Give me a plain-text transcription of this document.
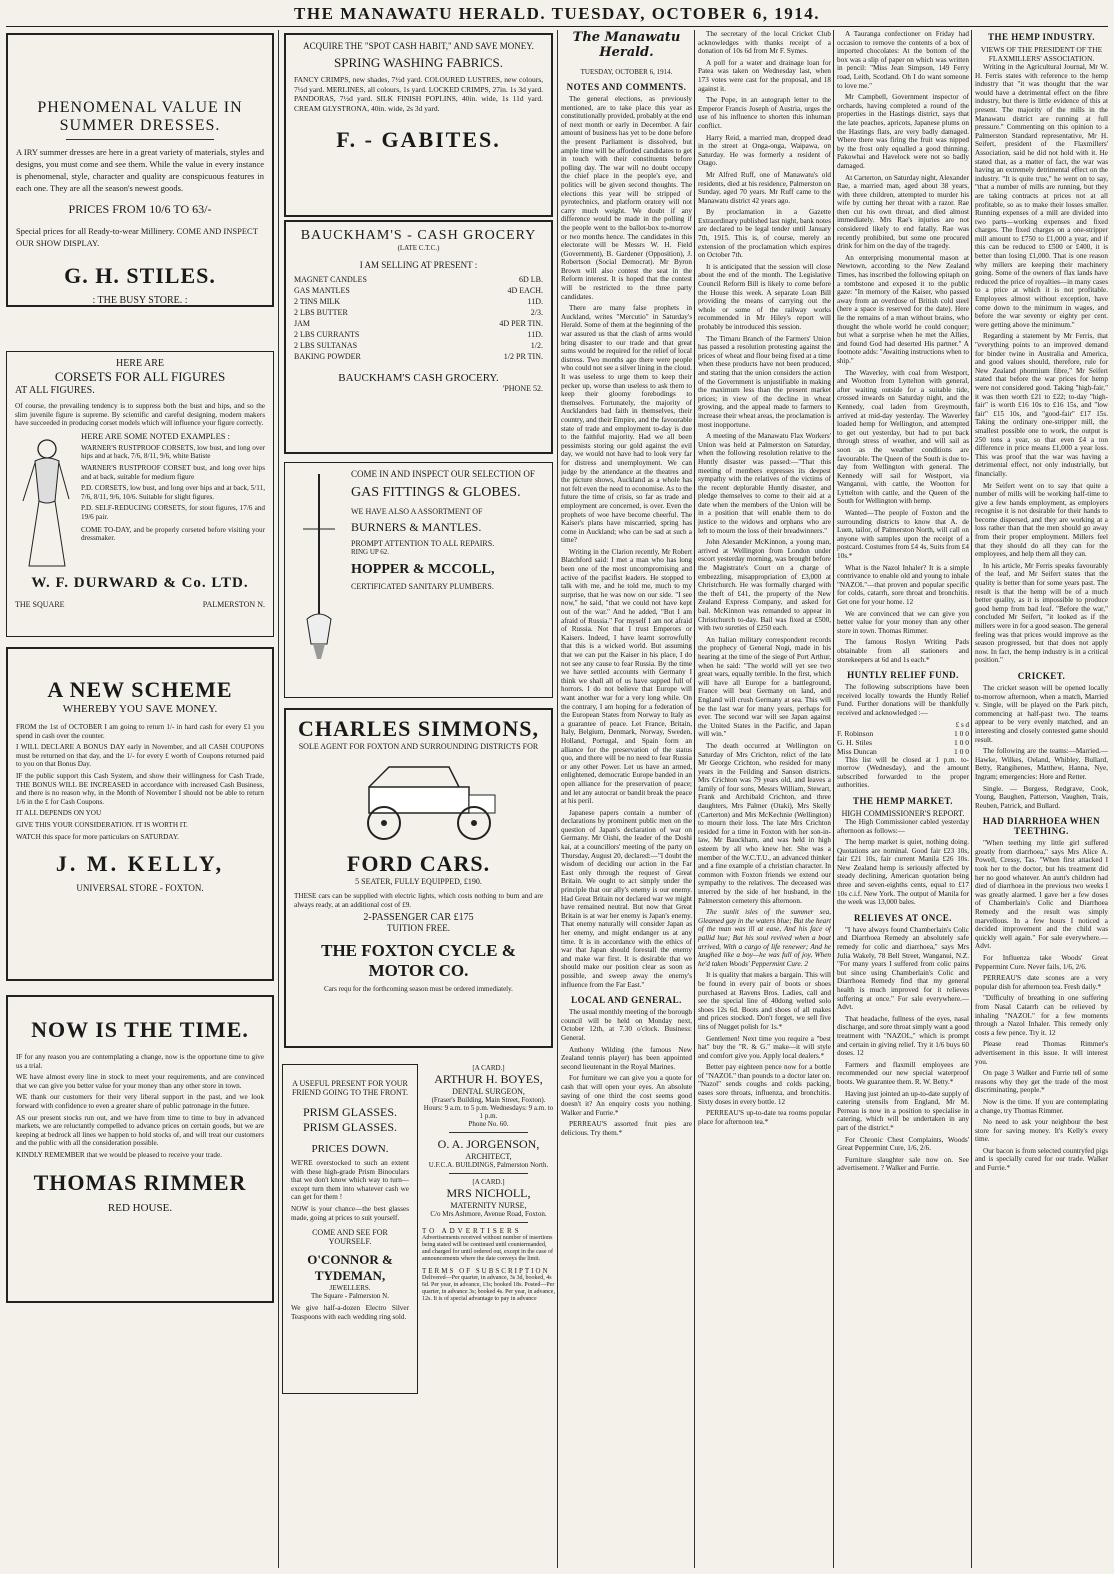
THE MANAWATU HERALD. TUESDAY, OCTOBER 6, 1914.
PHENOMENAL VALUE IN
SUMMER DRESSES.
A IRY summer dresses are here in a great variety of materials, styles and designs, you must come and see them. While the value in every instance is phenomenal, style, character and quality are conspicuous features in each one. They are all the season's newest goods.
PRICES FROM 10/6 TO 63/-
Special prices for all Ready-to-wear Millinery. COME AND INSPECT OUR SHOW DISPLAY.
G. H. STILES.
: THE BUSY STORE. :
HERE ARE
CORSETS FOR ALL FIGURES
AT ALL FIGURES.
Of course, the prevailing tendency is to suppress both the bust and hips, and so the slim juvenile figure is supreme. By scientific and careful designing, modern makers have succeeded in producing corset models which will influence your figure correctly.
HERE ARE SOME NOTED EXAMPLES :
WARNER'S RUSTPROOF CORSETS, low bust, and long over hips and at back, 7/6, 8/11, 9/6, white Batiste
WARNER'S RUSTPROOF CORSET bust, and long over hips and at back, suitable for medium figure
P.D. CORSETS, low bust, and long over hips and at back, 5/11, 7/6, 8/11, 9/6, 10/6. Suitable for slight figures.
P.D. SELF-REDUCING CORSETS, for stout figures, 17/6 and 19/6 pair.
COME TO-DAY, and be properly corseted before visiting your dressmaker.
W. F. DURWARD & Co. LTD.
THE SQUARE	PALMERSTON N.
A NEW SCHEME
WHEREBY YOU SAVE MONEY.
FROM the 1st of OCTOBER I am going to return 1/- in hard cash for every £1 you spend in cash over the counter.
I WILL DECLARE A BONUS DAY early in November, and all CASH COUPONS must be returned on that day, and the 1/- for every £ worth of Coupons returned paid to you on that Bonus Day.
IF the public support this Cash System, and show their willingness for Cash Trade, THE BONUS WILL BE INCREASED in accordance with increased Cash Business, and there is no reason why, in the Month of November I should not be able to return 1/6 in the £ for Cash Coupons.
IT ALL DEPENDS ON YOU
GIVE THIS YOUR CONSIDERATION. IT IS WORTH IT.
WATCH this space for more particulars on SATURDAY.
J. M. KELLY,
UNIVERSAL STORE - FOXTON.
NOW IS THE TIME.
IF for any reason you are contemplating a change, now is the opportune time to give us a trial.
WE have almost every line in stock to meet your requirements, and are convinced that we can give you better value for your money than any other store in town.
WE thank our customers for their very liberal support in the past, and we look forward with confidence to even a greater share of public patronage in the future.
AS our present stocks run out, and we have from time to time to buy in advanced markets, we are reluctantly compelled to advance prices on certain goods, but we are keeping at bedrock all lines we happen to hold stocks of, and will treat our customers and the public with all the consideration possible.
KINDLY REMEMBER that we would be pleased to receive your trade.
THOMAS RIMMER
RED HOUSE.
ACQUIRE THE "SPOT CASH HABIT," AND SAVE MONEY.
SPRING WASHING FABRICS.
FANCY CRIMPS, new shades, 7½d yard. COLOURED LUSTRES, new colours, 7½d yard. MERLINES, all colours, 1s yard. LOCKED CRIMPS, 27in. 1s 3d yard. PANDORAS, 7½d yard. SILK FINISH POPLINS, 40in. wide, 1s 11d yard. CREAM GLYSTRONA, 40in. wide, 2s 3d yard.
F. - GABITES.
BAUCKHAM'S - CASH GROCERY
(LATE C.T.C.)
I AM SELLING AT PRESENT :
MAGNET CANDLES	6D LB.
GAS MANTLES	4D EACH.
2 TINS MILK	11D.
2 LBS BUTTER	2/3.
JAM	4D PER TIN.
2 LBS CURRANTS	11D.
2 LBS SULTANAS	1/2.
BAKING POWDER	1/2 PR TIN.
BAUCKHAM'S CASH GROCERY.
'PHONE 52.
COME IN AND INSPECT OUR SELECTION OF
GAS FITTINGS & GLOBES.
WE HAVE ALSO A ASSORTMENT OF
BURNERS & MANTLES.
PROMPT ATTENTION TO ALL REPAIRS.
RING UP 62.
HOPPER & MCCOLL,
CERTIFICATED SANITARY PLUMBERS.
CHARLES SIMMONS,
SOLE AGENT FOR FOXTON AND SURROUNDING DISTRICTS FOR
FORD CARS.
5 SEATER, FULLY EQUIPPED, £190.
THESE cars can be supplied with electric lights, which costs nothing to burn and are always ready, at an additional cost of £9.
2-PASSENGER CAR £175
TUITION FREE.
THE FOXTON CYCLE & MOTOR CO.
Cars requ for the forthcoming season must be ordered immediately.
A USEFUL PRESENT FOR YOUR FRIEND GOING TO THE FRONT.
PRISM GLASSES.
PRISM GLASSES.
PRICES DOWN.
WE'RE overstocked to such an extent with these high-grade Prism Binoculars that we don't know which way to turn—except turn them into whatever cash we can get for them !
NOW is your chance—the best glasses made, going at prices to suit yourself.
COME AND SEE FOR YOURSELF.
O'CONNOR & TYDEMAN,
JEWELLERS.
The Square - Palmerston N.
We give half-a-dozen Electro Silver Teaspoons with each wedding ring sold.
[A CARD.]
ARTHUR H. BOYES,
DENTAL SURGEON,
(Fraser's Building, Main Street, Foxton).
Hours: 9 a.m. to 5 p.m. Wednesdays: 9 a.m. to 1 p.m.
Phone No. 60.
O. A. JORGENSON,
ARCHITECT,
U.F.C.A. BUILDINGS, Palmerston North.
[A CARD.]
MRS NICHOLL,
MATERNITY NURSE,
C/o Mrs Ashmore, Avenue Road, Foxton.
TO ADVERTISERS
Advertisements received without number of insertions being stated will be continued until countermanded, and charged for until ordered out, except in the case of announcements where the date conveys the limit.
TERMS OF SUBSCRIPTION
Delivered—Per quarter, in advance, 3s 3d, booked, 4s 6d. Per year, in advance, 13s; booked 18s. Posted—Per quarter, in advance 3s; booked 4s. Per year, in advance, 12s. It is of special advantage to pay in advance
The Manawatu Herald.
TUESDAY, OCTOBER 6, 1914.
NOTES AND COMMENTS.

The general elections, as previously mentioned, are to take place this year as constitutionally provided, probably at the end of next month or early in December. A fair amount of business has yet to be done before the present Parliament is dissolved, but ample time will be afforded candidates to get in touch with their constituents before polling day. The war will no doubt occupy the chief place in the people's eye, and politics will be given second thoughts. The elections this year will be stripped of pyrotechnics, and platform oratory will not carry much weight. We doubt if any difference would be made in the polling if the people went to the ballot-box to-morrow or two months hence. The candidates in this electorate will be Messrs W. H. Field (Government), B. Gardener (Opposition), J. Robertson (Social Democrat). Mr Byron Brown will also contest the seat in the Reform interest. It is hoped that the contest will be restricted to the three party candidates.

There are many false prophets in Auckland, writes "Mercutio" in Saturday's Herald. Some of them at the beginning of the war assured us that the clash of arms would bring disaster to our trade and that great sums would be required for the relief of local distress. Two months ago there were people who could not see a silver lining in the cloud. It was useless to urge them to keep their pecker up, worse than useless to ask them to keep their gloomy forebodings to themselves. Fortunately, the majority of Aucklanders had faith in themselves, their country, and their Empire, and the favourable state of trade and employment to-day is due to the faithful majority. Had we all been pessimists storing our gold against the evil day, we would not have had to look very far for distress and unemployment. We can judge by the attendance at the theatres and the picture shows, Auckland as a whole has not felt even the need to economise. As to the future the time of crisis, so far as trade and employment are concerned, is over. Even the prophets of woe have become cheerful. The Kaiser's plans have miscarried, spring has come in Auckland; who can be sad at such a time?

Writing in the Clarion recently, Mr Robert Blatchford said: I met a man who has long been one of the most uncompromising and active of the pacifist leaders. He stopped to talk with me, and he told me, much to my surprise, that he was now on our side. "I see now," he said, "that we could not have kept out of the war." And he added, "But I am afraid of Russia." For myself I am not afraid of Russia. Not that I trust Emperors or Kaisers. Indeed, I have learnt sorrowfully that this is a wicked world. But assuming that we can put the Kaiser in his place, I do not see any cause to fear Russia. By the time we have settled accounts with Germany I think we shall all of us have supped full of horrors. I do not believe that Europe will want another war for a very long while. On the contrary, I am hoping for a federation of the European States from Norway to Italy as a guarantee of peace. Let France, Britain, Italy, Belgium, Denmark, Norway, Sweden, Holland, Portugal, and Spain form an alliance for the preservation of the status quo, and there will be no need to fear Russia or any other Power. Let us have an armed, enlightened, democratic Europe banded in an open alliance for the preservation of peace; and let any autocrat or bandit break the peace at his peril.

Japanese papers contain a number of declarations by prominent public men on the question of Japan's declaration of war on Germany. Mr Oishi, the leader of the Doshi kai, at a councillors' meeting of the party on Thursday, August 20, declared:—"I doubt the wisdom of deciding our action in the Far East only through the request of Great Britain. We ought to act simply under the principle that our ally's enemy is our enemy. Had Great Britain not declared war we might have remained neutral. But now that Great Britain is at war her enemy is Japan's enemy. That enemy naturally will consider Japan as her enemy, and might endanger us at any time. It is in accordance with the ethics of war that Japan should forestall the enemy and make war first. It is desirable that we should make our position clear as soon as possible, and sweep away the enemy's influence from the Far East."

LOCAL AND GENERAL.

The usual monthly meeting of the borough council will be held on Monday next, October 12th, at 7.30 o'clock. Business: General.

Anthony Wilding (the famous New Zealand tennis player) has been appointed second lieutenant in the Royal Marines.

For furniture we can give you a quote for cash that will open your eyes. An absolute saving of one third the cost seems good doesn't it? An enquiry costs you nothing. Walker and Furrie.*

PERREAU'S assorted fruit pies are delicious. Try them.*

The secretary of the local Cricket Club acknowledges with thanks receipt of a donation of 10s 6d from Mr F. Symes.

A poll for a water and drainage loan for Patea was taken on Wednesday last, when 173 votes were cast for the proposal, and 18 against it.

The Pope, in an autograph letter to the Emperor Francis Joseph of Austria, urges the use of his influence to shorten this inhuman conflict.

Harry Reid, a married man, dropped dead in the street at Onga-onga, Waipawa, on Saturday. He was formerly a resident of Otago.

Mr Alfred Ruff, one of Manawatu's old residents, died at his residence, Palmerston on Sunday, aged 70 years. Mr Ruff came to the Manawatu district 42 years ago.

By proclamation in a Gazette Extraordinary published last night, bank notes are declared to be legal tender until January 7th, 1915. This is, of course, merely an extension of the proclamation which expires on October 7th.

It is anticipated that the session will close about the end of the month. The Legislative Council Reform Bill is likely to come before the House this week. A separate Loan Bill providing the means of carrying out the whole or some of the railway works recommended in Mr Hiley's report will probably be introduced this session.

The Timaru Branch of the Farmers' Union has passed a resolution protesting against the prices of wheat and flour being fixed at a time when these products have not been produced, and stating that the union considers the action of the Government is unjustifiable in making the maximum less than the present market prices; in view of the decline in wheat growing, and the appeal made to farmers to increase their wheat areas, the proclamation is most inopportune.

A meeting of the Manawatu Flax Workers' Union was held at Palmerston on Saturday, when the following resolution relative to the Huntly disaster was passed:—"That this meeting of members expresses its deepest sympathy with the relatives of the victims of the recent deplorable Huntly disaster, and pledge themselves to come to their aid at a date when the members of the Union will be in a position that will enable them to do justice to the widows and orphans who are left to mourn the loss of their breadwinners."

John Alexander McKinnon, a young man, arrived at Wellington from London under escort yesterday morning, was brought before the Magistrate's Court on a charge of embezzling, misappropriation of £3,000 at Christchurch. He was formally charged with the theft of £41, the property of the New Zealand Express Company, and asked for bail. McKinnon was remanded to appear in Christchurch to-day. Bail was fixed at £500, with two sureties of £250 each.

An Italian military correspondent records the prophecy of General Nogi, made in his hearing at the time of the siege of Port Arthur, when he said: "The world will yet see two great wars, equally terrible. In the first, which will have all Europe for a battleground, France will beat Germany on land, and England will crush Germany at sea. This will be the last war for many years, perhaps for ever. The second war will see Japan against the United States in the Pacific, and Japan will win."

The death occurred at Wellington on Saturday of Mrs Crichton, relict of the late Mr George Crichton, who resided for many years in the Feilding and Sanson districts. Mrs Crichton was 79 years old, and leaves a family of four sons, Messrs William, Stewart, Frank and Archibald Crichton, and three daughters, Mrs Palmer (Otaki), Mrs Skelly (Carterton) and Mrs McKechnie (Wellington) to mourn their loss. The late Mrs Crichton resided for a time in Foxton with her son-in-law, Mr Bauckham, and was held in high esteem by all who knew her. She was a member of the W.C.T.U., an advanced thinker and a fine example of a christian character. In common with Foxton friends we extend our sympathy to the relatives. The deceased was interred by the side of her husband, in the Palmerston cemetery this afternoon.

The sunlit isles of the summer sea, Gleamed gay in the waters blue; But the heart of the man was ill at ease, And his face of pallid hue; But his soul revived when a boat arrived, With a cargo of life renewer; And he laughed like a boy—he was full of joy, When he'd taken Woods' Peppermint Cure. 2

It is quality that makes a bargain. This will be found in every pair of boots or shoes purchased at Ravens Bros. Ladies, call and see the special line of 40dong welted solo shoes 12s 6d. Boots and shoes of all makes and prices stocked. Don't forget, we sell five tins of Nugget polish for 1s.*

Gentlemen! Next time you require a "best hat" buy the "R. & G." make—it will style and comfort give you. Apply local dealers.*

Better pay eighteen pence now for a bottle of "NAZOL" than pounds to a doctor later on. "Nazol" sends coughs and colds packing, eases sore throats, influenza, and bronchitis. Sixty doses in every bottle. 12

PERREAU'S up-to-date tea rooms popular place for afternoon tea.*

A Tauranga confectioner on Friday had occasion to remove the contents of a box of imported chocolates: At the bottom of the box was a slip of paper on which was written in pencil: "Miss Jean Simpson, 149 Ferry road, Leith, Scotland. Oh I do want someone to love me."

Mr Campbell, Government inspector of orchards, having completed a round of the properties in the Hastings district, says that the late peaches, apricots, Japanese plums on the Hastings flats, are very badly damaged. Where there was firing the fruit was nipped by the frost only equalled a good thinning. Pakowhai and Havelock were not so badly damaged.

At Carterton, on Saturday night, Alexander Rae, a married man, aged about 38 years, with three children, attempted to murder his wife by cutting her throat with a razor. Rae then cut his own throat, and died almost immediately. Mrs Rae's injuries are not considered likely to end fatally. Rae was recently prohibited, but some one procured drink for him on the day of the tragedy.

An enterprising monumental mason at Newtown, according to the New Zealand Times, has inscribed the following epitaph on a tombstone and exposed it to the public gaze: "In memory of the Kaiser, who passed away from an overdose of British cold steel (here a space is reserved for the date). Here lie the remains of a man without brains, who thought the whole world he could conquer; but what a surprise when he met the Allies, and found God had deserted His partner." A footnote adds: "Awaiting instructions when to ship."

The Waverley, with coal from Westport, and Wootton from Lyttelton with general, after waiting outside for a suitable tide, crossed inwards on Saturday night, and the Kennedy, coal laden from Greymouth, arrived at mid-day yesterday. The Waverley loaded hemp for Wellington, and attempted to get out yesterday, but had to put back through stress of weather, and will sail as soon as the weather conditions are favourable. The Queen of the South is due to-day from Wellington with general. The Kennedy will sail for Westport, via Wanganui, with cattle, the Wootton for Lyttelton with cattle, and the Queen of the South for Wellington with hemp.

Wanted—The people of Foxton and the surrounding districts to know that A. de Luen, tailor, of Palmerston North, will call on anyone with samples upon the receipt of a postcard. Costumes from £4 4s, Suits from £4 10s.*

What is the Nazol Inhaler? It is a simple contrivance to enable old and young to inhale "NAZOL"—that proven and popular specific for colds, catarrh, sore throat and bronchitis. Get one for your home. 12

We are convinced that we can give you better value for your money than any other store in town. Thomas Rimmer.

The famous Roslyn Writing Pads obtainable from all stationers and storekeepers at 6d and 1s each.*

HUNTLY RELIEF FUND.

The following subscriptions have been received locally towards the Huntly Relief Fund. Further donations will be thankfully received and acknowledged :—

£ s d
F. Robinson	1 0 0
G. H. Stiles	1 0 0
Miss Duncan	1 0 0

This list will be closed at 1 p.m. to-morrow (Wednesday), and the amount subscribed forwarded to the proper authorities.

THE HEMP MARKET.
HIGH COMMISSIONER'S REPORT.

The High Commissioner cabled yesterday afternoon as follows:—

The hemp market is quiet, nothing doing. Quotations are nominal. Good fair £23 10s, fair £21 10s, fair current Manila £26 10s. New Zealand hemp is seriously affected by steady declining, American quotation being three and seven-eighths cents, equal to £17 10s c.i.f. New York. The output of Manila for the week was 13,000 bales.

RELIEVES AT ONCE.

"I have always found Chamberlain's Colic and Diarrhoea Remedy an absolutely safe remedy for colic and diarrhoea," says Mrs Julia Wakely, 78 Bell Street, Wanganui, N.Z. "For many years I suffered from colic pains but since using Chamberlain's Colic and Diarrhoea Remedy find that my general health is much improved for it relieves suffering at once." For sale everywhere.—Advt.

That headache, fullness of the eyes, nasal discharge, and sore throat simply want a good treatment with "NAZOL," which is prompt and certain in giving relief. Try it 1/6 buys 60 doses. 12

Farmers and flaxmill employees are recommended our new special waterproof boots. We guarantee them. R. W. Betty.*

Having just jointed an up-to-date supply of catering utensils from England, Mr M. Perreau is now in a position to specialise in catering, which will be undertaken in any part of the district.*

For Chronic Chest Complaints, Woods' Great Peppermint Cure, 1/6, 2/6.

Furniture slaughter sale now on. See advertisement. ? Walker and Furrie.

THE HEMP INDUSTRY.
VIEWS OF THE PRESIDENT OF THE FLAXMILLERS' ASSOCIATION.

Writing in the Agricultural Journal, Mr W. H. Ferris states with reference to the hemp industry that "it was thought that the war would have a detrimental effect on the fibre industry, but there is little evidence of this at present. The majority of the mills in the Manawatu district are running at full pressure." Commenting on this opinion to a Palmerston Standard representative, Mr H. Seifert, president of the Flaxmillers' Association, said he did not hold with it. He stated that, as a matter of fact, the war was having an extremely detrimental effect on the industry. "It is quite true," he went on to say, "that a number of mills are running, but they are taking contracts at prices not at all profitable, so as to make their losses smaller. Running expenses of a mill are divided into two parts—working expenses and fixed charges. The fixed charges on a one-stripper mill amount to £750 to £1,000 a year, and if this can be reduced to £500 or £400, it is better than losing £1,000. That is one reason why millers are keeping their machinery going. Some of the owners of flax lands have reduced the price of royalties—in many cases to a price at which it is not profitable. Employees almost without exception, have come down to the minimum in wages, and before the war seventy or eighty per cent. were getting above the minimum."

Regarding a statement by Mr Ferris, that "everything points to an improved demand for binder twine in Australia and America, and good values should, therefore, rule for New Zealand phormium fibre," Mr Seifert stated that before the war prices for hemp were not considered good. Taking "high-fair," it was then worth £21 to £22; to-day "high-fair" is worth £16 10s to £16 15s, and "low fair" £15 10s, and "good-fair" £17 15s. Taking the ordinary one-stripper mill, the smallest possible one to work, the output is 250 tons a year, so that even £4 a ton difference in price means £1,000 a year loss. This was proof that the war was having a detrimental effect, not only industrially, but financially.

Mr Seifert went on to say that quite a number of mills will be working half-time to give a few hands employment, as employers recognise it is not desirable for their hands to become dispersed, and they are working at a loss rather than that the men should go away from their proper employment. Millers feel that they should do all they can for the employees, and help them all they can.

In his article, Mr Ferris speaks favourably of the leaf, and Mr Seifert states that the quality is better than for some years past. The result is that the hemp will be of a much better quality, as it is impossible to produce good hemp from bad leaf. "Before the war," concluded Mr Seifert, "it looked as if the millers were in for a good season. The general feeling was that prices would improve as the season progressed, but that does not apply now. In fact, the hemp industry is in a critical position."

CRICKET.

The cricket season will be opened locally to-morrow afternoon, when a match, Married v. Single, will be played on the Park pitch, commencing at half-past two. The teams appear to be very evenly matched, and an interesting and closely contested game should result.

The following are the teams:—Married.—Hawke, Wilkes, Oeland, Whibley, Bullard, Betty, Rangihenes, Matthew, Hanna, Nye, Ingram; emergencies: Hore and Retter.

Single. — Burgess, Redgrave, Cook, Young, Baughen, Patterson, Vaughen, Trais, Reuben, Patrick, and Bullard.

HAD DIARRHOEA WHEN TEETHING.

"When teething my little girl suffered greatly from diarrhoea," says Mrs Alice A. Powell, Cressy, Tas. "When first attacked I took her to the doctor, but his treatment did her no good whatever. An aunt's children had died of diarrhoea in the previous two weeks I was greatly alarmed. I gave her a few doses of Chamberlain's Colic and Diarrhoea Remedy and the result was simply marvellous. In a few hours I noticed a decided improvement and the child was quickly well again." For sale everywhere.—Advt.

For Influenza take Woods' Great Peppermint Cure. Never fails, 1/6, 2/6.

PERREAU'S date scones are a very popular dish for afternoon tea. Fresh daily.*

"Difficulty of breathing in one suffering from Nasal Catarrh can be relieved by inhaling "NAZOL" for a few moments through a Nazol Inhaler. This remedy only costs a few pence. Try it. 12

Please read Thomas Rimmer's advertisement in this issue. It will interest you.

On page 3 Walker and Furrie tell of some reasons why they get the trade of the most discriminating, people.*

Now is the time. If you are contemplating a change, try Thomas Rimmer.

No need to ask your neighbour the best store for saving money. It's Kelly's every time.

Our bacon is from selected countryfed pigs and is specially cured for our trade. Walker and Furrie.*
